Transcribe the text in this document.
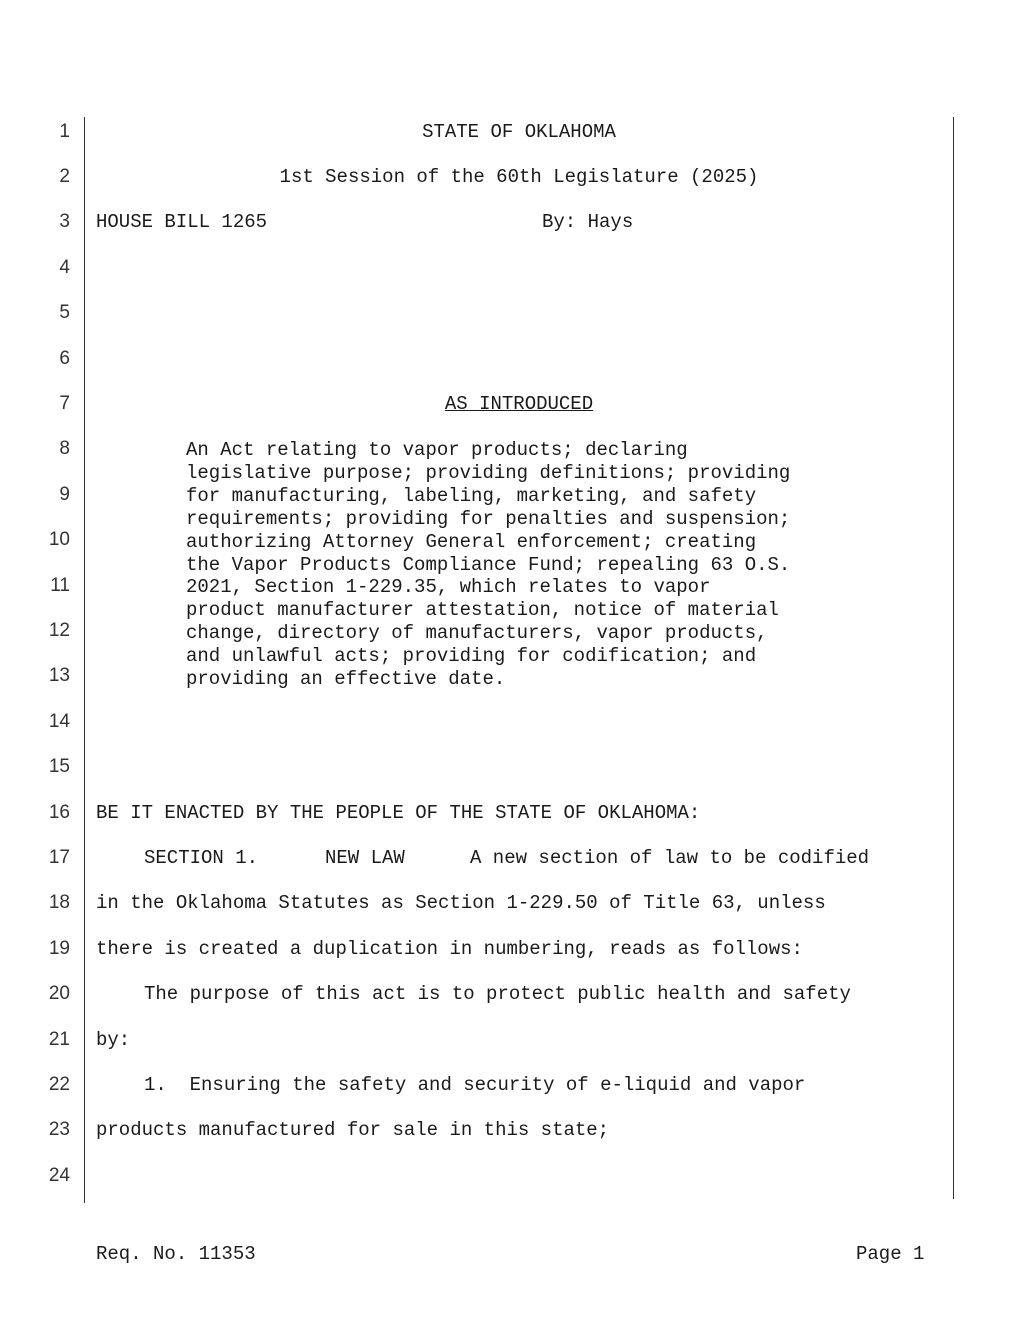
1
2
3
4
5
6
7
8
9
10
11
12
13
14
15
16
17
18
19
20
21
22
23
24
STATE OF OKLAHOMA
1st Session of the 60th Legislature (2025)
HOUSE BILL 1265	By: Hays
AS INTRODUCED
An Act relating to vapor products; declaring
legislative purpose; providing definitions; providing
for manufacturing, labeling, marketing, and safety
requirements; providing for penalties and suspension;
authorizing Attorney General enforcement; creating
the Vapor Products Compliance Fund; repealing 63 O.S.
2021, Section 1-229.35, which relates to vapor
product manufacturer attestation, notice of material
change, directory of manufacturers, vapor products,
and unlawful acts; providing for codification; and
providing an effective date.
BE IT ENACTED BY THE PEOPLE OF THE STATE OF OKLAHOMA:
SECTION 1.	NEW LAW	A new section of law to be codified
in the Oklahoma Statutes as Section 1-229.50 of Title 63, unless
there is created a duplication in numbering, reads as follows:
The purpose of this act is to protect public health and safety
by:
1.  Ensuring the safety and security of e-liquid and vapor
products manufactured for sale in this state;
Req. No. 11353	Page 1
